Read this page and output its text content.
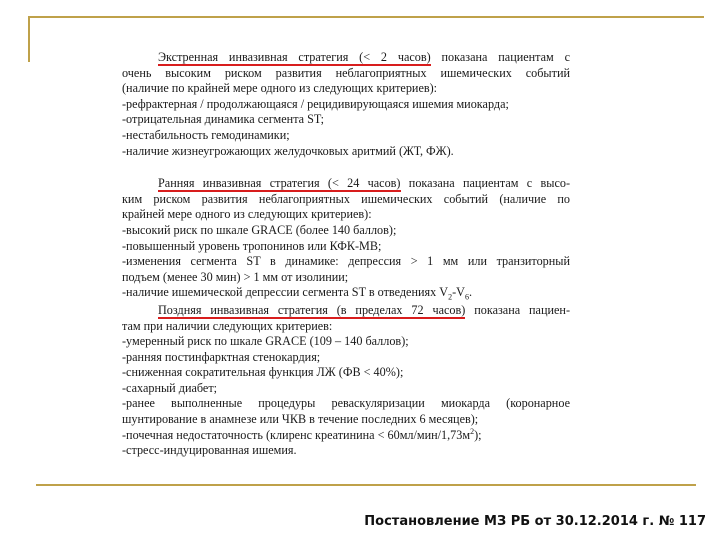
Экстренная инвазивная стратегия (< 2 часов) показана пациентам с
очень высоким риском развития неблагоприятных ишемических событий
(наличие по крайней мере одного из следующих критериев):
-рефрактерная / продолжающаяся / рецидивирующаяся ишемия миокарда;
-отрицательная динамика сегмента ST;
-нестабильность гемодинамики;
-наличие жизнеугрожающих желудочковых аритмий (ЖТ, ФЖ).
Ранняя инвазивная стратегия (< 24 часов) показана пациентам с высо-
ким риском развития неблагоприятных ишемических событий (наличие по
крайней мере одного из следующих критериев):
-высокий риск по шкале GRACE (более 140 баллов);
-повышенный уровень тропонинов или КФК-МВ;
-изменения сегмента ST в динамике: депрессия > 1 мм или транзиторный
подъем (менее 30 мин) > 1 мм от изолинии;
-наличие ишемической депрессии сегмента ST в отведениях $V_2-V_6$.
Поздняя инвазивная стратегия (в пределах 72 часов) показана пациен-
там при наличии следующих критериев:
-умеренный риск по шкале GRACE (109 – 140 баллов);
-ранняя постинфарктная стенокардия;
-сниженная сократительная функция ЛЖ (ФВ < 40%);
-сахарный диабет;
-ранее выполненные процедуры реваскуляризации миокарда (коронарное
шунтирование в анамнезе или ЧКВ в течение последних 6 месяцев);
-почечная недостаточность (клиренс креатинина < $60мл/мин/1,73м^2$);
-стресс-индуцированная ишемия.
Постановление МЗ РБ от 30.12.2014 г. № 117
